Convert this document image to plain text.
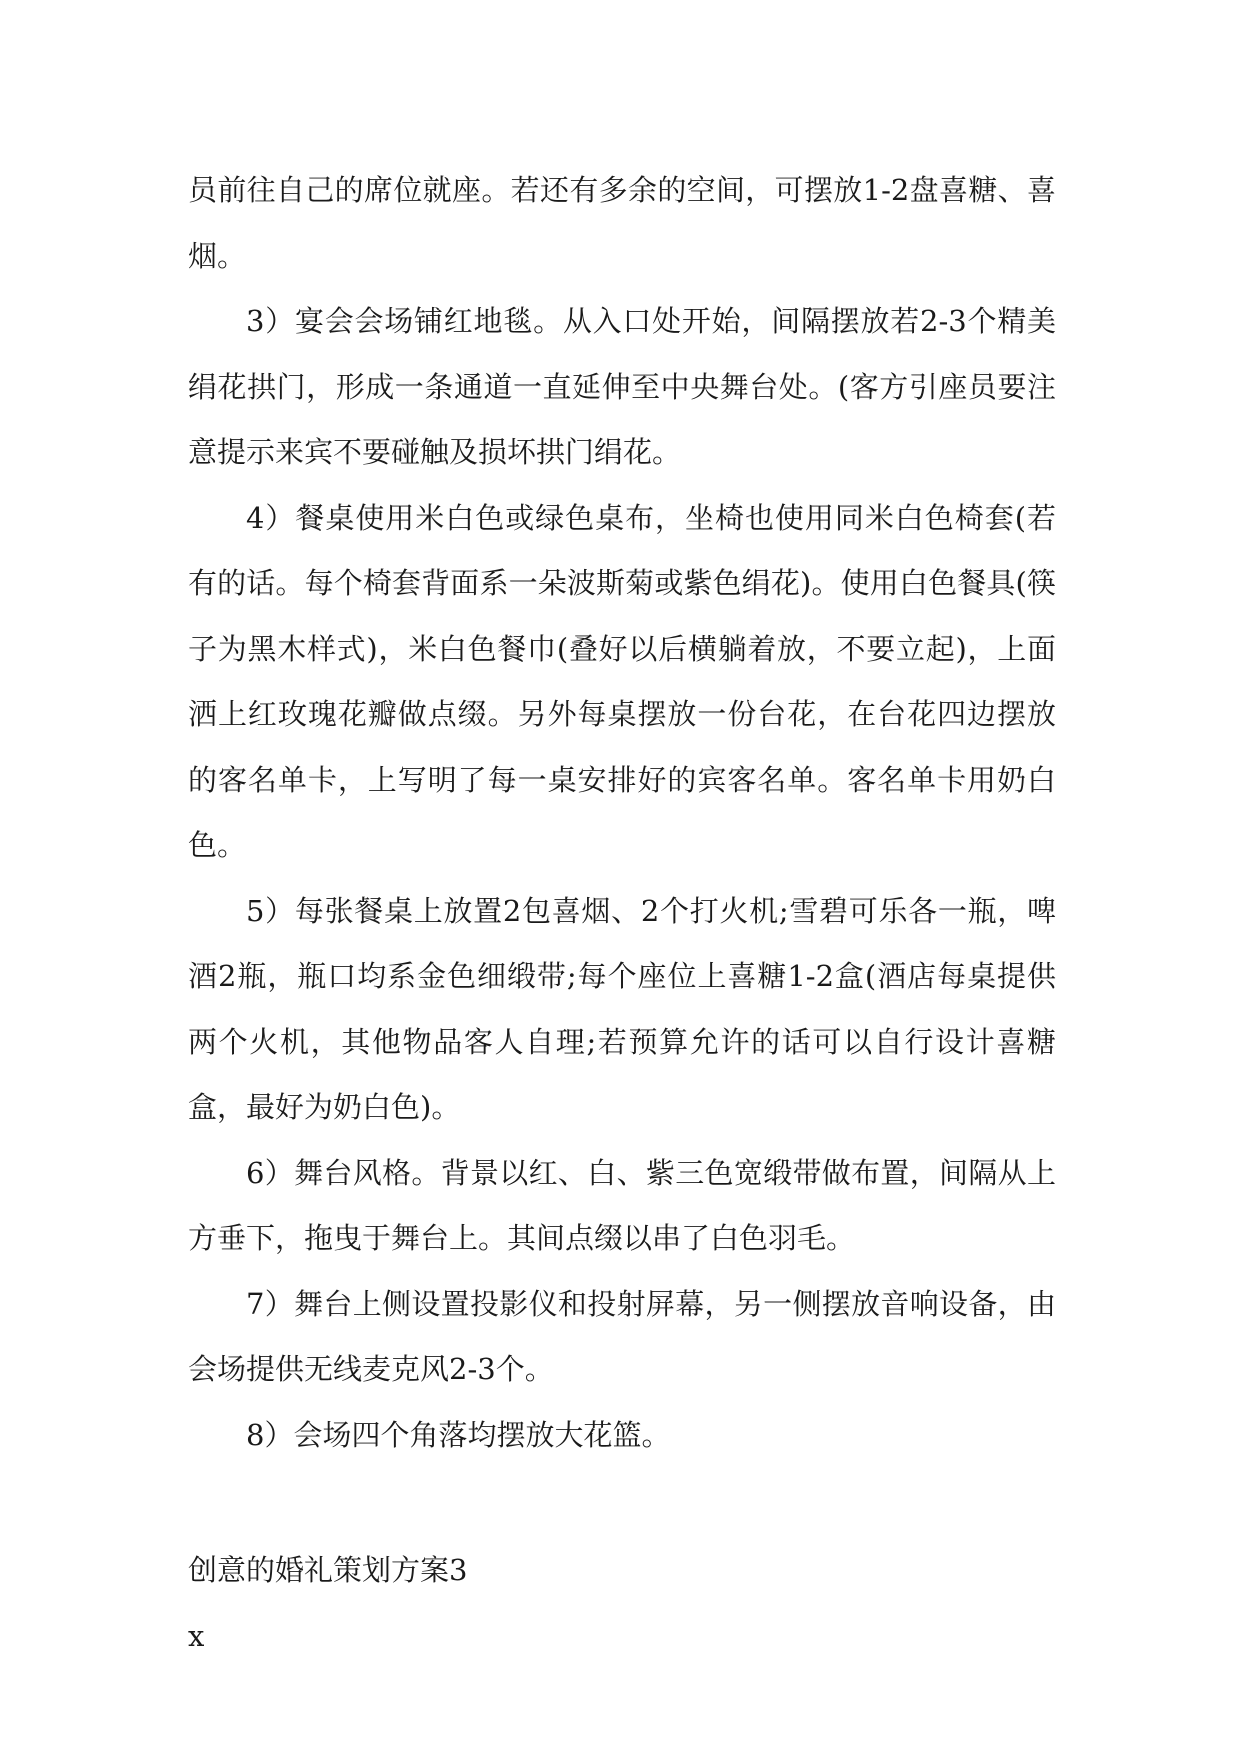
员前往自己的席位就座。若还有多余的空间，可摆放1-2盘喜糖、喜烟。

3）宴会会场铺红地毯。从入口处开始，间隔摆放若2-3个精美绢花拱门，形成一条通道一直延伸至中央舞台处。(客方引座员要注意提示来宾不要碰触及损坏拱门绢花。

4）餐桌使用米白色或绿色桌布，坐椅也使用同米白色椅套(若有的话。每个椅套背面系一朵波斯菊或紫色绢花)。使用白色餐具(筷子为黑木样式)，米白色餐巾(叠好以后横躺着放，不要立起)，上面洒上红玫瑰花瓣做点缀。另外每桌摆放一份台花，在台花四边摆放的客名单卡，上写明了每一桌安排好的宾客名单。客名单卡用奶白色。

5）每张餐桌上放置2包喜烟、2个打火机;雪碧可乐各一瓶，啤酒2瓶，瓶口均系金色细缎带;每个座位上喜糖1-2盒(酒店每桌提供两个火机，其他物品客人自理;若预算允许的话可以自行设计喜糖盒，最好为奶白色)。

6）舞台风格。背景以红、白、紫三色宽缎带做布置，间隔从上方垂下，拖曳于舞台上。其间点缀以串了白色羽毛。

7）舞台上侧设置投影仪和投射屏幕，另一侧摆放音响设备，由会场提供无线麦克风2-3个。

8）会场四个角落均摆放大花篮。

创意的婚礼策划方案3

x
